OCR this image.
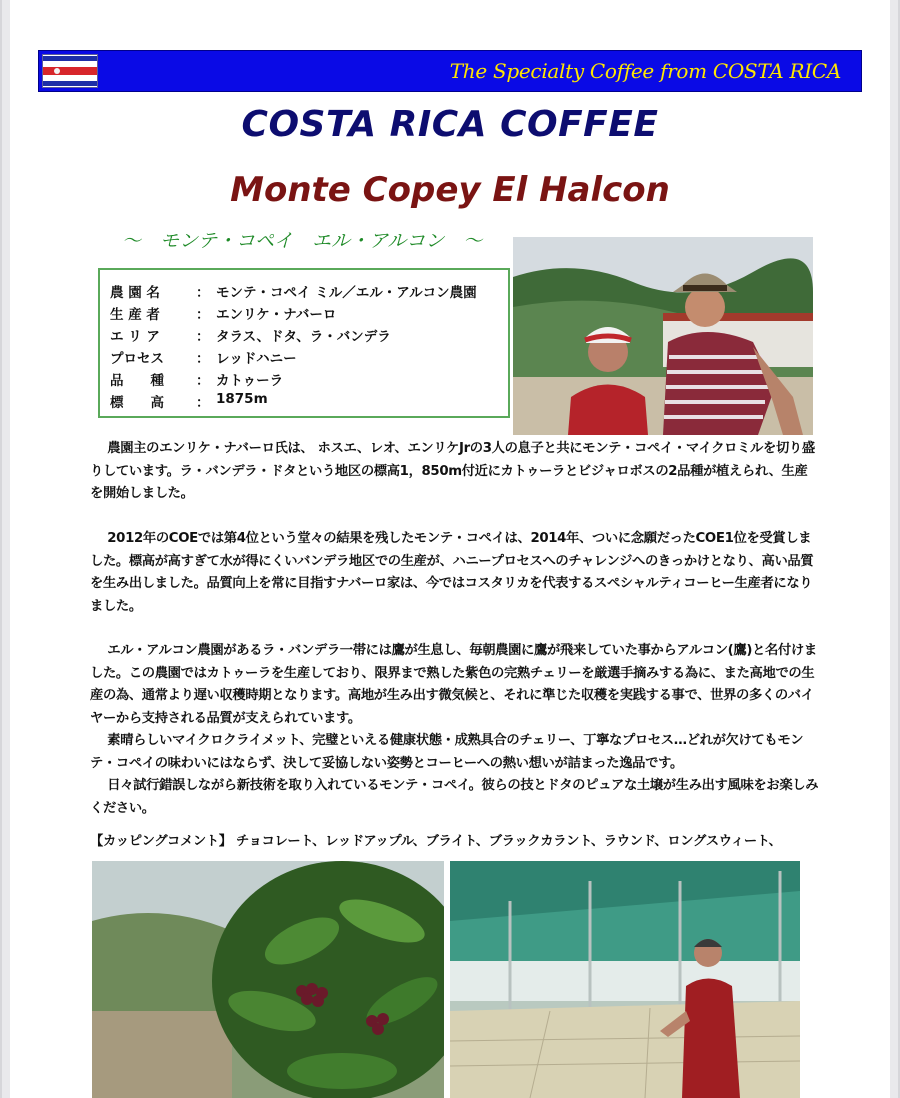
The Specialty Coffee from COSTA RICA
COSTA RICA COFFEE
Monte Copey El Halcon
～　モンテ・コペイ　エル・アルコン　～
農 園 名	： モンテ・コペイ ミル／エル・アルコン農園
生 産 者	： エンリケ・ナバーロ
エ リ ア	： タラス、ドタ、ラ・バンデラ
プロセス	： レッドハニー
品　　種	： カトゥーラ
標　　高	： 1875m

農園主のエンリケ・ナバーロ氏は、 ホスエ、レオ、エンリケJrの3人の息子と共にモンテ・コペイ・マイクロミルを切り盛りしています。ラ・バンデラ・ドタという地区の標高1，850m付近にカトゥーラとビジャロボスの2品種が植えられ、生産を開始しました。

2012年のCOEでは第4位という堂々の結果を残したモンテ・コペイは、2014年、ついに念願だったCOE1位を受賞しました。標高が高すぎて水が得にくいバンデラ地区での生産が、ハニープロセスへのチャレンジへのきっかけとなり、高い品質を生み出しました。品質向上を常に目指すナバーロ家は、今ではコスタリカを代表するスペシャルティコーヒー生産者になりました。

エル・アルコン農園があるラ・バンデラ一帯には鷹が生息し、毎朝農園に鷹が飛来していた事からアルコン(鷹)と名付けました。この農園ではカトゥーラを生産しており、限界まで熟した紫色の完熟チェリーを厳選手摘みする為に、また高地での生産の為、通常より遅い収穫時期となります。高地が生み出す微気候と、それに準じた収穫を実践する事で、世界の多くのバイヤーから支持される品質が支えられています。

素晴らしいマイクロクライメット、完璧といえる健康状態・成熟具合のチェリー、丁寧なプロセス…どれが欠けてもモンテ・コペイの味わいにはならず、決して妥協しない姿勢とコーヒーへの熱い想いが詰まった逸品です。

日々試行錯誤しながら新技術を取り入れているモンテ・コペイ。彼らの技とドタのピュアな土壌が生み出す風味をお楽しみください。

【カッピングコメント】 チョコレート、レッドアップル、ブライト、ブラックカラント、ラウンド、ロングスウィート、
